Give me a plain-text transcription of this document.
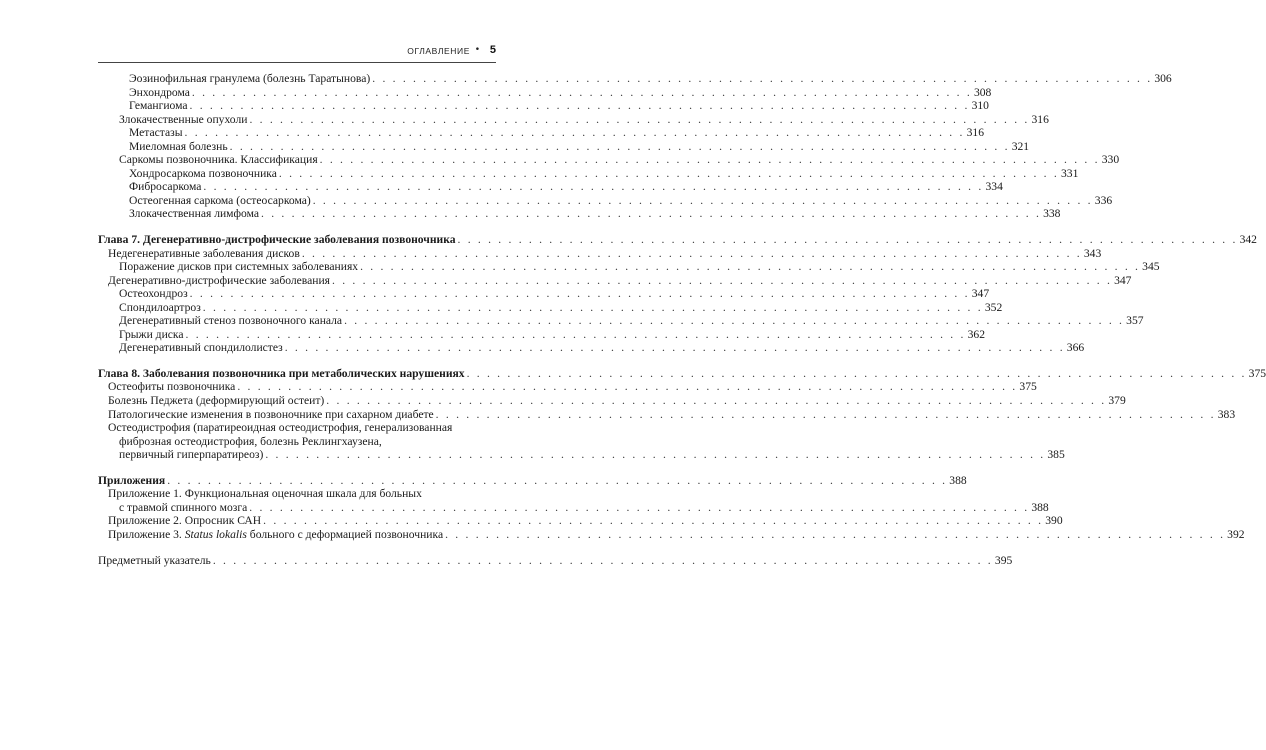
ОГЛАВЛЕНИЕ • 5
Эозинофильная гранулема (болезнь Таратынова) . . . . . . . . . . . . . . . . . . . . . . . . . . . . . . . . . . . . . . . . . . . . . . . . . . . . . . . . . . . . . . . . . . . . . . . . . . . . . 306
Энхондрома . . . . . . . . . . . . . . . . . . . . . . . . . . . . . . . . . . . . . . . . . . . . . . . . . . . . . . . . . . . . . . . . . . . . . . . . . . . . . 308
Гемангиома . . . . . . . . . . . . . . . . . . . . . . . . . . . . . . . . . . . . . . . . . . . . . . . . . . . . . . . . . . . . . . . . . . . . . . . . . . . . . 310
Злокачественные опухоли . . . . . . . . . . . . . . . . . . . . . . . . . . . . . . . . . . . . . . . . . . . . . . . . . . . . . . . . . . . . . . . . . . . . . . . . . . . . . 316
Метастазы . . . . . . . . . . . . . . . . . . . . . . . . . . . . . . . . . . . . . . . . . . . . . . . . . . . . . . . . . . . . . . . . . . . . . . . . . . . . . 316
Миеломная болезнь . . . . . . . . . . . . . . . . . . . . . . . . . . . . . . . . . . . . . . . . . . . . . . . . . . . . . . . . . . . . . . . . . . . . . . . . . . . . . 321
Саркомы позвоночника. Классификация . . . . . . . . . . . . . . . . . . . . . . . . . . . . . . . . . . . . . . . . . . . . . . . . . . . . . . . . . . . . . . . . . . . . . . . . . . . . . 330
Хондросаркома позвоночника . . . . . . . . . . . . . . . . . . . . . . . . . . . . . . . . . . . . . . . . . . . . . . . . . . . . . . . . . . . . . . . . . . . . . . . . . . . . . 331
Фибросаркома . . . . . . . . . . . . . . . . . . . . . . . . . . . . . . . . . . . . . . . . . . . . . . . . . . . . . . . . . . . . . . . . . . . . . . . . . . . . . 334
Остеогенная саркома (остеосаркома) . . . . . . . . . . . . . . . . . . . . . . . . . . . . . . . . . . . . . . . . . . . . . . . . . . . . . . . . . . . . . . . . . . . . . . . . . . . . . 336
Злокачественная лимфома . . . . . . . . . . . . . . . . . . . . . . . . . . . . . . . . . . . . . . . . . . . . . . . . . . . . . . . . . . . . . . . . . . . . . . . . . . . . . 338
Глава 7. Дегенеративно-дистрофические заболевания позвоночника . . . . . . . . . . . . . . . . . . . . . . . . . . . . . . . . . . . . . . . . . . . . . . . . . . . . . . . . . . . . . . . . . . . . . . . . . . . . . 342
Недегенеративные заболевания дисков . . . . . . . . . . . . . . . . . . . . . . . . . . . . . . . . . . . . . . . . . . . . . . . . . . . . . . . . . . . . . . . . . . . . . . . . . . . . . 343
Поражение дисков при системных заболеваниях . . . . . . . . . . . . . . . . . . . . . . . . . . . . . . . . . . . . . . . . . . . . . . . . . . . . . . . . . . . . . . . . . . . . . . . . . . . . . 345
Дегенеративно-дистрофические заболевания . . . . . . . . . . . . . . . . . . . . . . . . . . . . . . . . . . . . . . . . . . . . . . . . . . . . . . . . . . . . . . . . . . . . . . . . . . . . . 347
Остеохондроз . . . . . . . . . . . . . . . . . . . . . . . . . . . . . . . . . . . . . . . . . . . . . . . . . . . . . . . . . . . . . . . . . . . . . . . . . . . . . 347
Спондилоартроз . . . . . . . . . . . . . . . . . . . . . . . . . . . . . . . . . . . . . . . . . . . . . . . . . . . . . . . . . . . . . . . . . . . . . . . . . . . . . 352
Дегенеративный стеноз позвоночного канала . . . . . . . . . . . . . . . . . . . . . . . . . . . . . . . . . . . . . . . . . . . . . . . . . . . . . . . . . . . . . . . . . . . . . . . . . . . . . 357
Грыжи диска . . . . . . . . . . . . . . . . . . . . . . . . . . . . . . . . . . . . . . . . . . . . . . . . . . . . . . . . . . . . . . . . . . . . . . . . . . . . . 362
Дегенеративный спондилолистез . . . . . . . . . . . . . . . . . . . . . . . . . . . . . . . . . . . . . . . . . . . . . . . . . . . . . . . . . . . . . . . . . . . . . . . . . . . . . 366
Глава 8. Заболевания позвоночника при метаболических нарушениях . . . . . . . . . . . . . . . . . . . . . . . . . . . . . . . . . . . . . . . . . . . . . . . . . . . . . . . . . . . . . . . . . . . . . . . . . . . . . 375
Остеофиты позвоночника . . . . . . . . . . . . . . . . . . . . . . . . . . . . . . . . . . . . . . . . . . . . . . . . . . . . . . . . . . . . . . . . . . . . . . . . . . . . . 375
Болезнь Педжета (деформирующий остеит) . . . . . . . . . . . . . . . . . . . . . . . . . . . . . . . . . . . . . . . . . . . . . . . . . . . . . . . . . . . . . . . . . . . . . . . . . . . . . 379
Патологические изменения в позвоночнике при сахарном диабете . . . . . . . . . . . . . . . . . . . . . . . . . . . . . . . . . . . . . . . . . . . . . . . . . . . . . . . . . . . . . . . . . . . . . . . . . . . . . 383
Остеодистрофия (паратиреоидная остеодистрофия, генерализованная
фиброзная остеодистрофия, болезнь Реклингхаузена,
первичный гиперпаратиреоз) . . . . . . . . . . . . . . . . . . . . . . . . . . . . . . . . . . . . . . . . . . . . . . . . . . . . . . . . . . . . . . . . . . . . . . . . . . . . . 385
Приложения . . . . . . . . . . . . . . . . . . . . . . . . . . . . . . . . . . . . . . . . . . . . . . . . . . . . . . . . . . . . . . . . . . . . . . . . . . . . . 388
Приложение 1. Функциональная оценочная шкала для больных
с травмой спинного мозга . . . . . . . . . . . . . . . . . . . . . . . . . . . . . . . . . . . . . . . . . . . . . . . . . . . . . . . . . . . . . . . . . . . . . . . . . . . . . 388
Приложение 2. Опросник САН . . . . . . . . . . . . . . . . . . . . . . . . . . . . . . . . . . . . . . . . . . . . . . . . . . . . . . . . . . . . . . . . . . . . . . . . . . . . . 390
Приложение 3. Status lokalis больного с деформацией позвоночника . . . . . . . . . . . . . . . . . . . . . . . . . . . . . . . . . . . . . . . . . . . . . . . . . . . . . . . . . . . . . . . . . . . . . . . . . . . . . 392
Предметный указатель . . . . . . . . . . . . . . . . . . . . . . . . . . . . . . . . . . . . . . . . . . . . . . . . . . . . . . . . . . . . . . . . . . . . . . . . . . . . . 395
